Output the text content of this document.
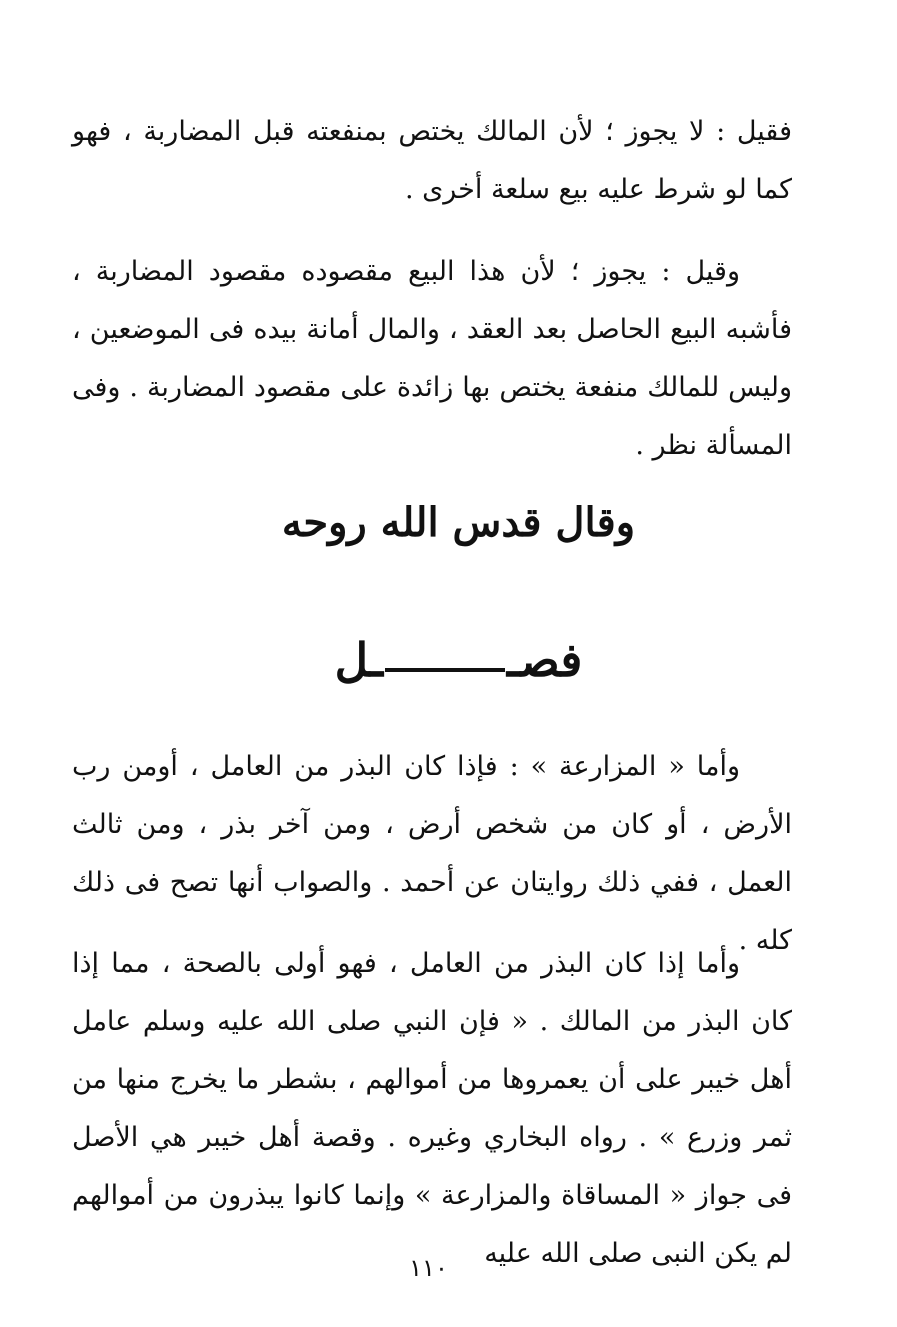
فقيل : لا يجوز ؛ لأن المالك يختص بمنفعته قبل المضاربة ، فهو كما لو شرط عليه بيع سلعة أخرى .

وقيل : يجوز ؛ لأن هذا البيع مقصوده مقصود المضاربة ، فأشبه البيع الحاصل بعد العقد ، والمال أمانة بيده فى الموضعين ، وليس للمالك منفعة يختص بها زائدة على مقصود المضاربة . وفى المسألة نظر .

وقال قدس الله روحه
فصــل

وأما « المزارعة » : فإذا كان البذر من العامل ، أومن رب الأرض ، أو كان من شخص أرض ، ومن آخر بذر ، ومن ثالث العمل ، ففي ذلك روايتان عن أحمد . والصواب أنها تصح فى ذلك كله .

وأما إذا كان البذر من العامل ، فهو أولى بالصحة ، مما إذا كان البذر من المالك . « فإن النبي صلى الله عليه وسلم عامل أهل خيبر على أن يعمروها من أموالهم ، بشطر ما يخرج منها من ثمر وزرع » . رواه البخاري وغيره . وقصة أهل خيبر هي الأصل فى جواز « المساقاة والمزارعة » وإنما كانوا يبذرون من أموالهم لم يكن النبى صلى الله عليه

١١٠
